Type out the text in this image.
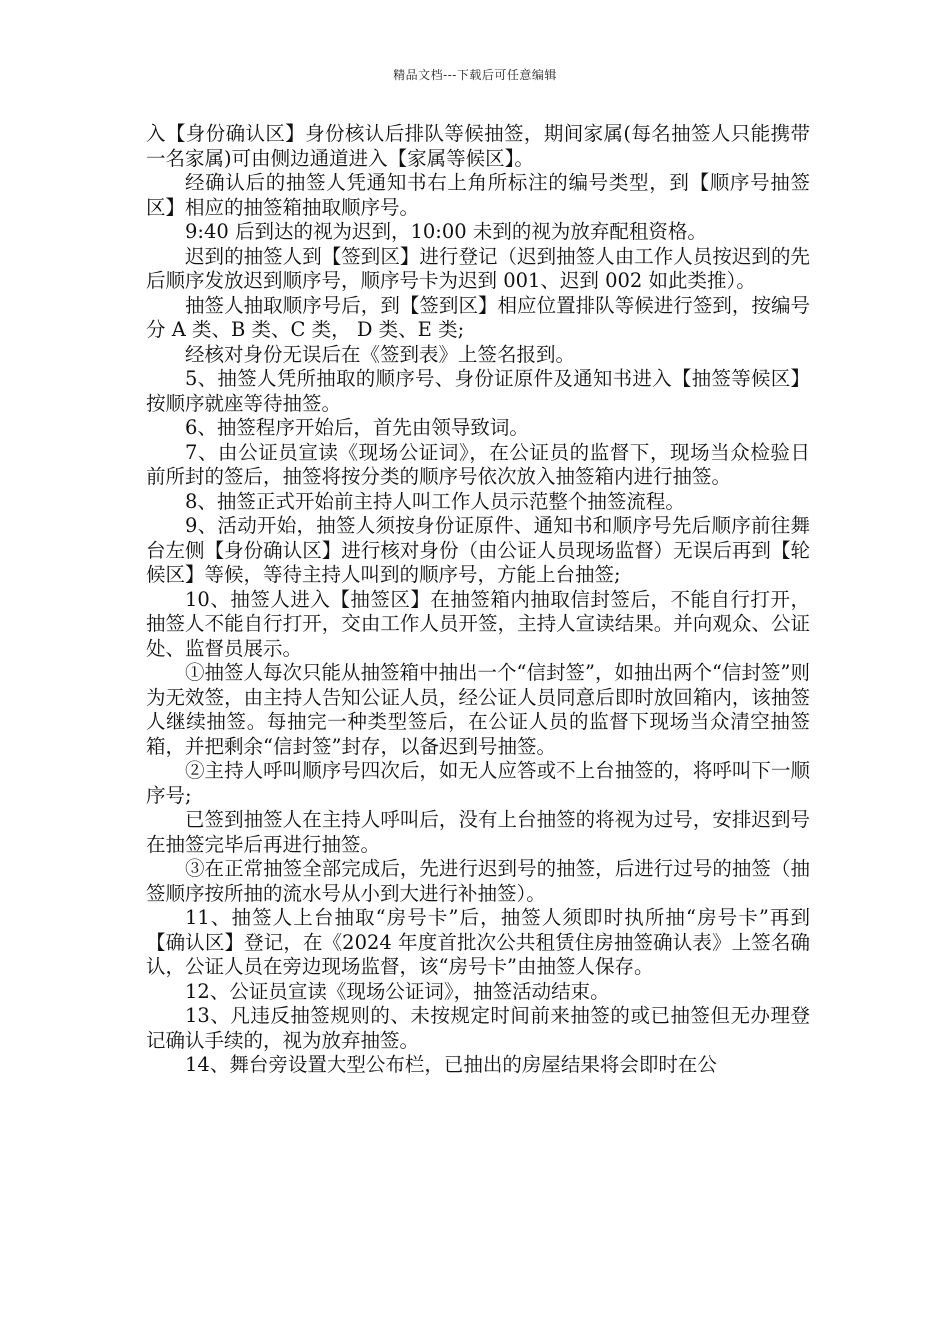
精品文档---下载后可任意编辑

入【身份确认区】身份核认后排队等候抽签，期间家属(每名抽签人只能携带一名家属)可由侧边通道进入【家属等候区】。

经确认后的抽签人凭通知书右上角所标注的编号类型，到【顺序号抽签区】相应的抽签箱抽取顺序号。

9:40 后到达的视为迟到，10:00 未到的视为放弃配租资格。

迟到的抽签人到【签到区】进行登记（迟到抽签人由工作人员按迟到的先后顺序发放迟到顺序号，顺序号卡为迟到 001、迟到 002 如此类推）。

抽签人抽取顺序号后，到【签到区】相应位置排队等候进行签到，按编号分 A 类、B 类、C 类， D 类、E 类;

经核对身份无误后在《签到表》上签名报到。

5、抽签人凭所抽取的顺序号、身份证原件及通知书进入【抽签等候区】按顺序就座等待抽签。

6、抽签程序开始后，首先由领导致词。

7、由公证员宣读《现场公证词》，在公证员的监督下，现场当众检验日前所封的签后，抽签将按分类的顺序号依次放入抽签箱内进行抽签。

8、抽签正式开始前主持人叫工作人员示范整个抽签流程。

9、活动开始，抽签人须按身份证原件、通知书和顺序号先后顺序前往舞台左侧【身份确认区】进行核对身份（由公证人员现场监督）无误后再到【轮候区】等候，等待主持人叫到的顺序号，方能上台抽签;

10、抽签人进入【抽签区】在抽签箱内抽取信封签后，不能自行打开，抽签人不能自行打开，交由工作人员开签，主持人宣读结果。并向观众、公证处、监督员展示。

①抽签人每次只能从抽签箱中抽出一个“信封签”，如抽出两个“信封签”则为无效签，由主持人告知公证人员，经公证人员同意后即时放回箱内，该抽签人继续抽签。每抽完一种类型签后，在公证人员的监督下现场当众清空抽签箱，并把剩余“信封签”封存，以备迟到号抽签。

②主持人呼叫顺序号四次后，如无人应答或不上台抽签的，将呼叫下一顺序号;

已签到抽签人在主持人呼叫后，没有上台抽签的将视为过号，安排迟到号在抽签完毕后再进行抽签。

③在正常抽签全部完成后，先进行迟到号的抽签，后进行过号的抽签（抽签顺序按所抽的流水号从小到大进行补抽签）。

11、抽签人上台抽取“房号卡”后，抽签人须即时执所抽“房号卡”再到【确认区】登记，在《2024 年度首批次公共租赁住房抽签确认表》上签名确认，公证人员在旁边现场监督，该“房号卡”由抽签人保存。

12、公证员宣读《现场公证词》，抽签活动结束。

13、凡违反抽签规则的、未按规定时间前来抽签的或已抽签但无办理登记确认手续的，视为放弃抽签。

14、舞台旁设置大型公布栏，已抽出的房屋结果将会即时在公
